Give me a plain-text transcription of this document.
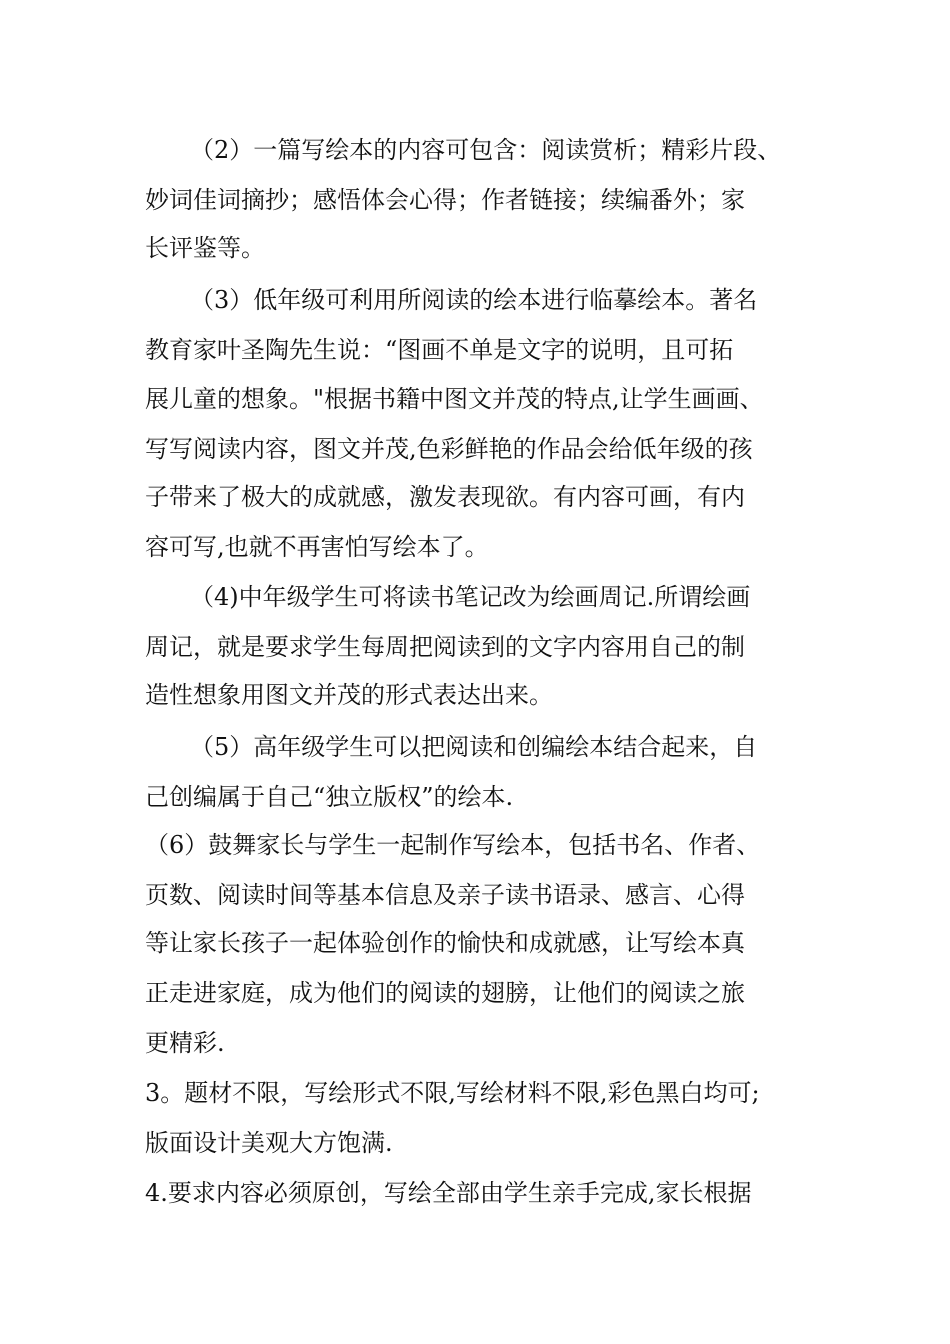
（2）一篇写绘本的内容可包含：阅读赏析；精彩片段、
妙词佳词摘抄；感悟体会心得；作者链接；续编番外；家
长评鉴等。
（3）低年级可利用所阅读的绘本进行临摹绘本。著名
教育家叶圣陶先生说：“图画不单是文字的说明，且可拓
展儿童的想象。"根据书籍中图文并茂的特点,让学生画画、
写写阅读内容，图文并茂,色彩鲜艳的作品会给低年级的孩
子带来了极大的成就感，激发表现欲。有内容可画，有内
容可写,也就不再害怕写绘本了。
（4)中年级学生可将读书笔记改为绘画周记.所谓绘画
周记，就是要求学生每周把阅读到的文字内容用自己的制
造性想象用图文并茂的形式表达出来。
（5）高年级学生可以把阅读和创编绘本结合起来，自
己创编属于自己“独立版权”的绘本.
（6）鼓舞家长与学生一起制作写绘本，包括书名、作者、
页数、阅读时间等基本信息及亲子读书语录、感言、心得
等让家长孩子一起体验创作的愉快和成就感，让写绘本真
正走进家庭，成为他们的阅读的翅膀，让他们的阅读之旅
更精彩.
3。题材不限，写绘形式不限,写绘材料不限,彩色黑白均可;
版面设计美观大方饱满.
4.要求内容必须原创，写绘全部由学生亲手完成,家长根据
